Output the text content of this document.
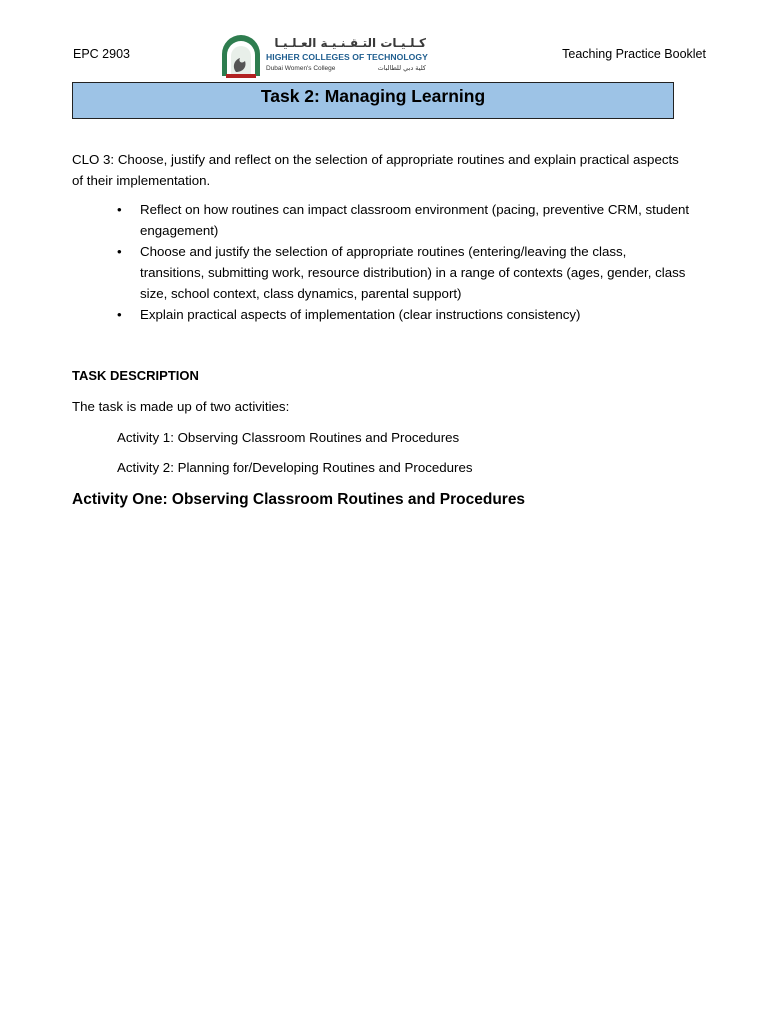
EPC 2903
كـلـيـات التـقـنـيـة العـلـيـا
HIGHER COLLEGES OF TECHNOLOGY
Dubai Women's College	كلية دبي للطالبات
Teaching Practice Booklet
Task 2: Managing Learning

CLO 3: Choose, justify and reflect on the selection of appropriate routines and explain practical aspects of their implementation.

• Reflect on how routines can impact classroom environment (pacing, preventive CRM, student engagement)
• Choose and justify the selection of appropriate routines (entering/leaving the class, transitions, submitting work, resource distribution) in a range of contexts (ages, gender, class size, school context, class dynamics, parental support)
• Explain practical aspects of implementation (clear instructions consistency)
TASK DESCRIPTION
The task is made up of two activities:
Activity 1: Observing Classroom Routines and Procedures
Activity 2: Planning for/Developing Routines and Procedures
Activity One: Observing Classroom Routines and Procedures
